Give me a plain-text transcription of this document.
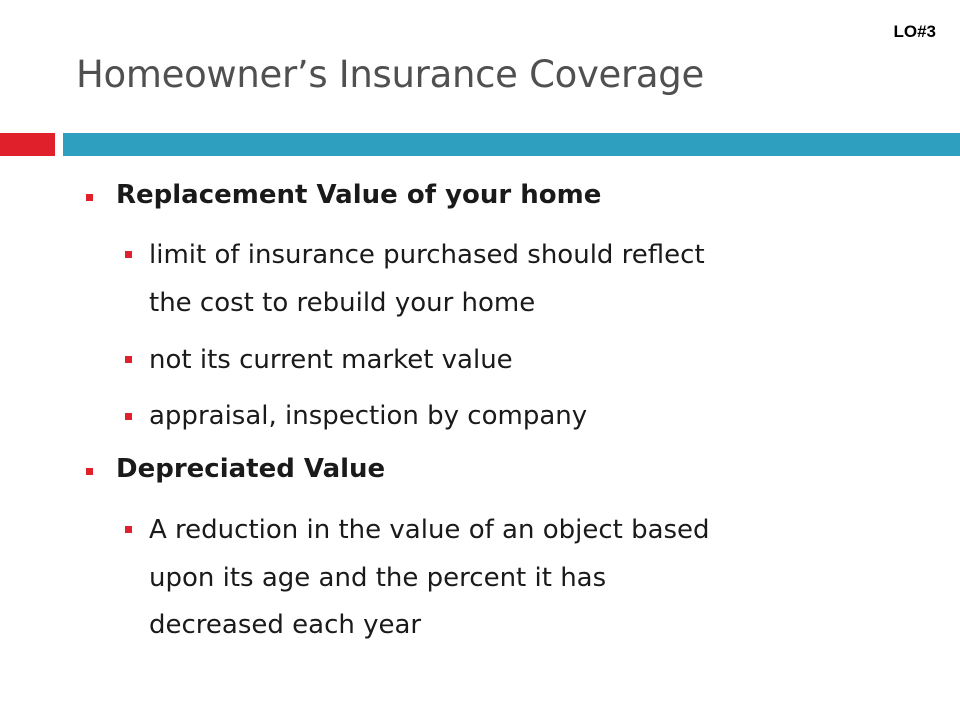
LO#3
Homeowner’s Insurance Coverage
Replacement Value of your home
limit of insurance purchased should reflect
the cost to rebuild your home
not its current market value
appraisal, inspection by company
Depreciated Value
A reduction in the value of an object based
upon its age and the percent it has
decreased each year
